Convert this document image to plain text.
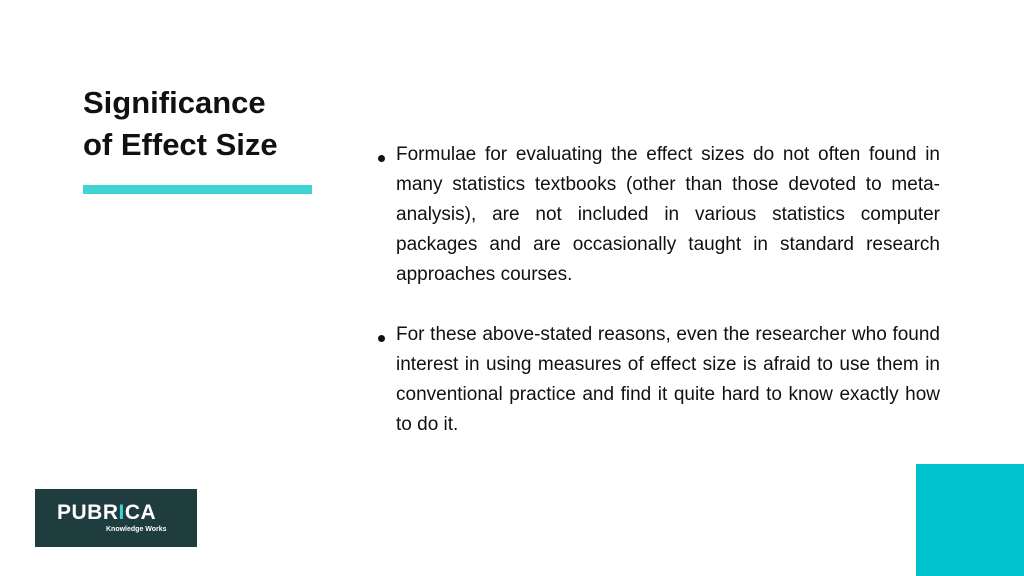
Significance
of Effect Size	Formulae for evaluating the effect sizes do not often found in many statistics textbooks (other than those devoted to meta-analysis), are not included in various statistics computer packages and are occasionally taught in standard research approaches courses.
For these above-stated reasons, even the researcher who found interest in using measures of effect size is afraid to use them in conventional practice and find it quite hard to know exactly how to do it.
PUBRICA
Knowledge Works
